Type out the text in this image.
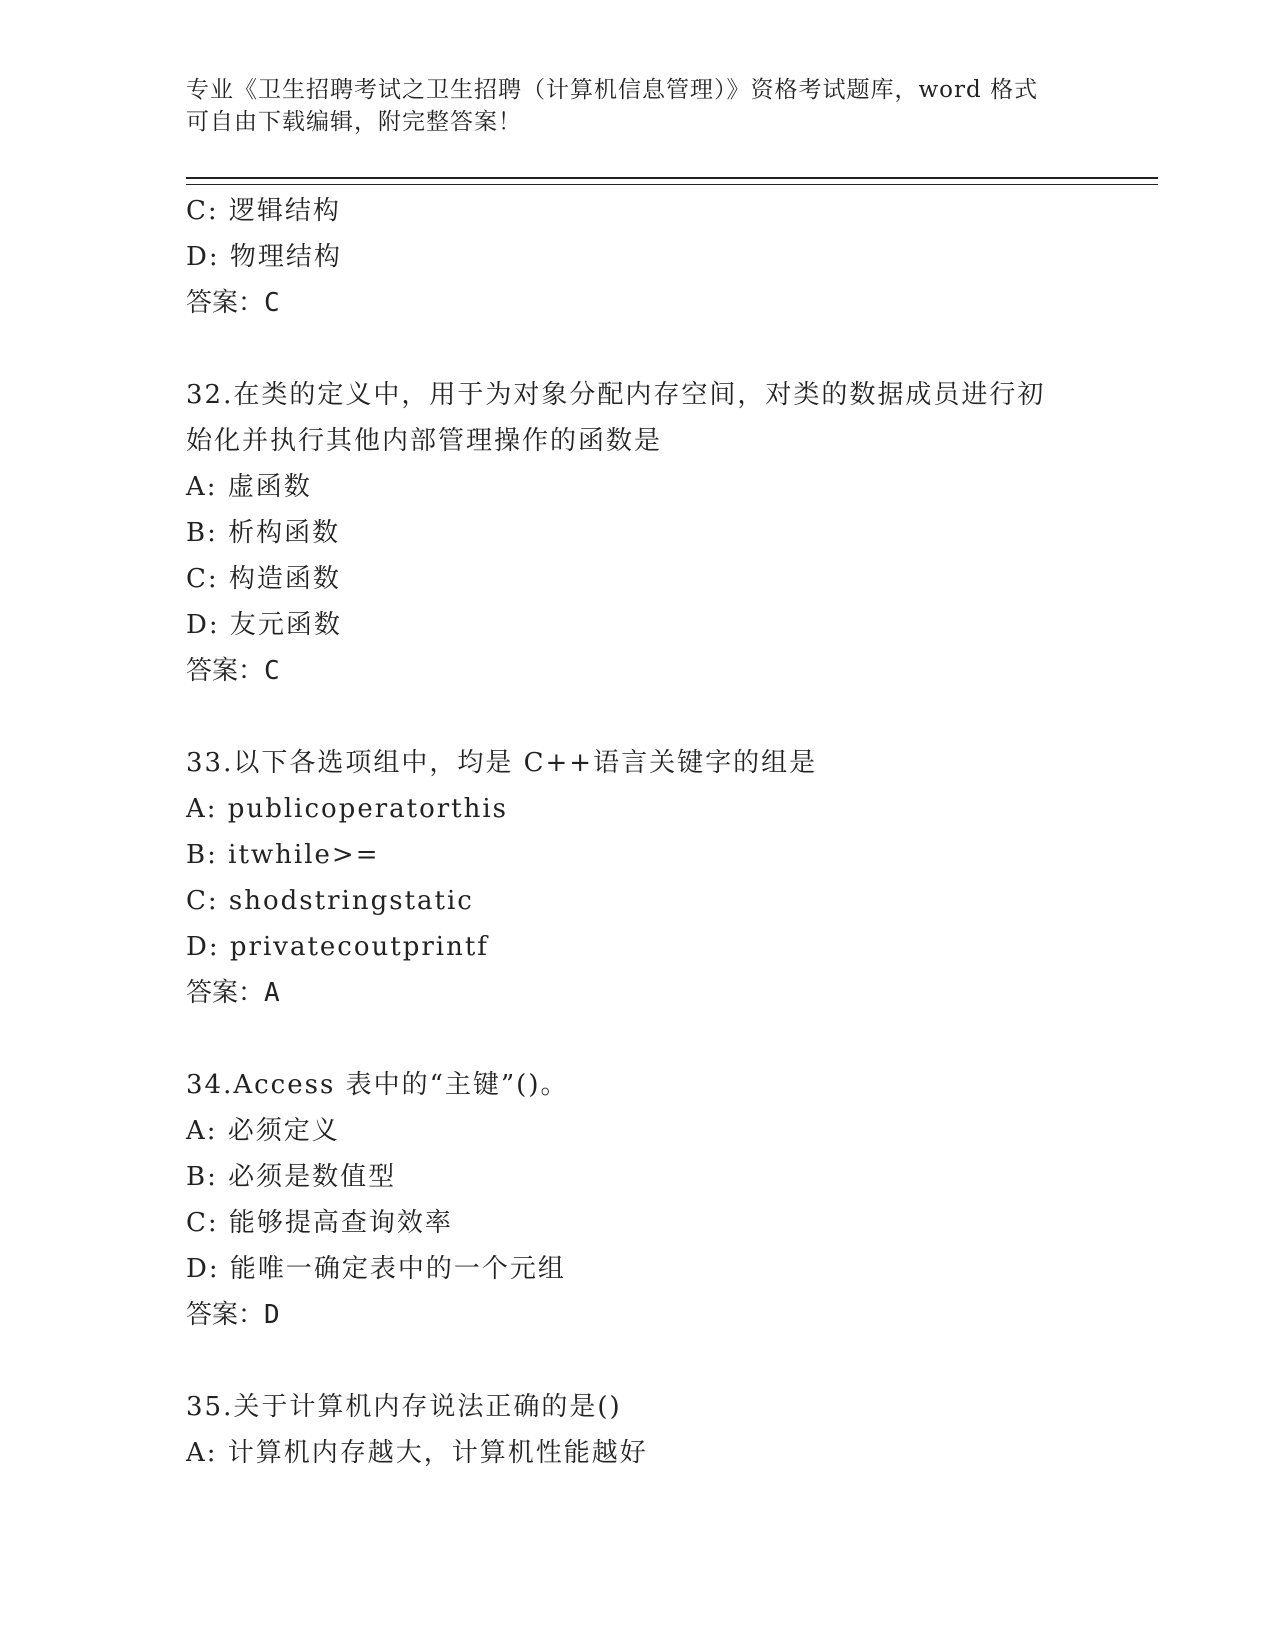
专业《卫生招聘考试之卫生招聘（计算机信息管理）》资格考试题库，word 格式
可自由下载编辑，附完整答案！
C: 逻辑结构
D: 物理结构
答案：C
32.在类的定义中，用于为对象分配内存空间，对类的数据成员进行初
始化并执行其他内部管理操作的函数是
A: 虚函数
B: 析构函数
C: 构造函数
D: 友元函数
答案：C
33.以下各选项组中，均是 C++语言关键字的组是
A: publicoperatorthis
B: itwhile>=
C: shodstringstatic
D: privatecoutprintf
答案：A
34.Access 表中的“主键”()。
A: 必须定义
B: 必须是数值型
C: 能够提高查询效率
D: 能唯一确定表中的一个元组
答案：D
35.关于计算机内存说法正确的是()
A: 计算机内存越大，计算机性能越好
